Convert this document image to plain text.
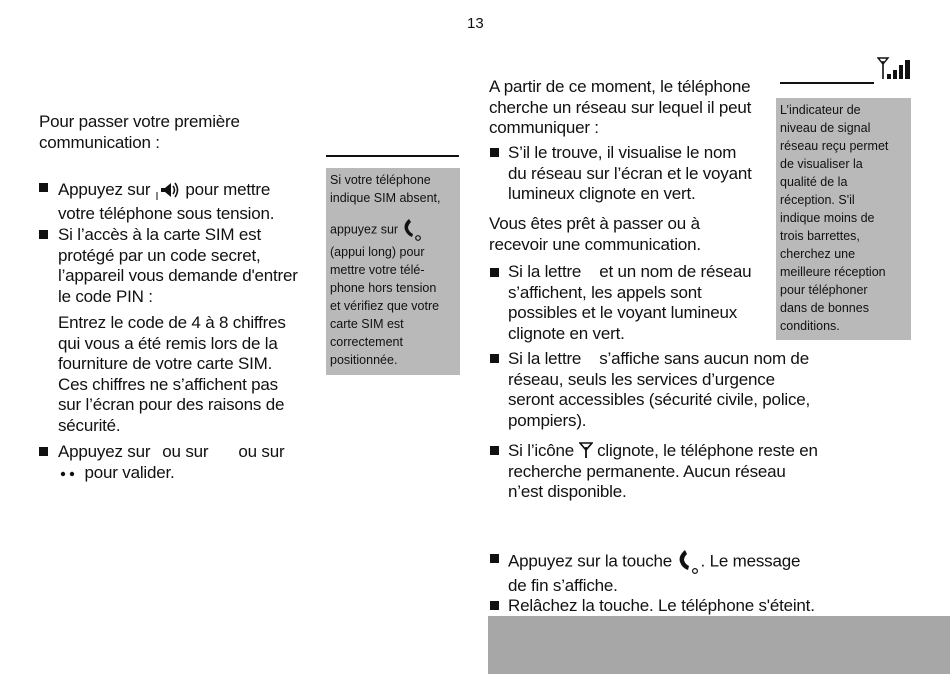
13
Pour passer votre première
communication :
Appuyez sur pour mettre
votre téléphone sous tension.
Si l’accès à la carte SIM est
protégé par un code secret,
l’appareil vous demande d'entrer
le code PIN :
Entrez le code de 4 à 8 chiffres
qui vous a été remis lors de la
fourniture de votre carte SIM.
Ces chiffres ne s’affichent pas
sur l’écran pour des raisons de
sécurité.
Appuyez sur ou sur ou sur
pour valider.
Si votre téléphone
indique SIM absent,
appuyez sur
(appui long) pour
mettre votre télé-
phone hors tension
et vérifiez que votre
carte SIM est
correctement
positionnée.
A partir de ce moment, le téléphone
cherche un réseau sur lequel il peut
communiquer :
S’il le trouve, il visualise le nom
du réseau sur l’écran et le voyant
lumineux clignote en vert.
Vous êtes prêt à passer ou à
recevoir une communication.
Si la lettre et un nom de réseau
s’affichent, les appels sont
possibles et le voyant lumineux
clignote en vert.
Si la lettre s’affiche sans aucun nom de
réseau, seuls les services d’urgence
seront accessibles (sécurité civile, police,
pompiers).
Si l’icône clignote, le téléphone reste en
recherche permanente. Aucun réseau
n’est disponible.
Appuyez sur la touche . Le message
de fin s’affiche.
Relâchez la touche. Le téléphone s'éteint.
L’indicateur de
niveau de signal
réseau reçu permet
de visualiser la
qualité de la
réception. S'il
indique moins de
trois barrettes,
cherchez une
meilleure réception
pour téléphoner
dans de bonnes
conditions.
